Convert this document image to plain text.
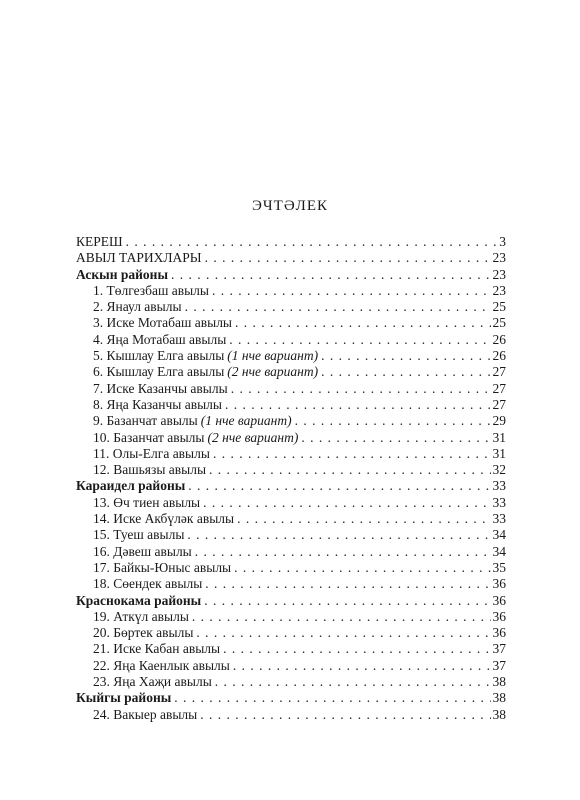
ЭЧТӘЛЕК
КЕРЕШ . . .	3
АВЫЛ ТАРИХЛАРЫ . . .	23
Аскын районы . . .	23
1. Төлгезбаш авылы . . .	23
2. Янаул авылы . . .	25
3. Иске Мотабаш авылы . . .	25
4. Яңа Мотабаш авылы . . .	26
5. Кышлау Елга авылы (1 нче вариант) . . .	26
6. Кышлау Елга авылы (2 нче вариант) . . .	27
7. Иске Казанчы авылы . . .	27
8. Яңа Казанчы авылы . . .	27
9. Базанчат авылы (1 нче вариант) . . .	29
10. Базанчат авылы (2 нче вариант) . . .	31
11. Олы-Елга авылы . . .	31
12. Вашьязы авылы . . .	32
Караидел районы . . .	33
13. Өч тиен авылы . . .	33
14. Иске Акбүләк авылы . . .	33
15. Туеш авылы . . .	34
16. Дәвеш авылы . . .	34
17. Байкы-Юныс авылы . . .	35
18. Сөендек авылы . . .	36
Краснокама районы . . .	36
19. Аткүл авылы . . .	36
20. Бөртек авылы . . .	36
21. Иске Кабан авылы . . .	37
22. Яңа Каенлык авылы . . .	37
23. Яңа Хаҗи авылы . . .	38
Кыйгы районы . . .	38
24. Вакыер авылы . . .	38
